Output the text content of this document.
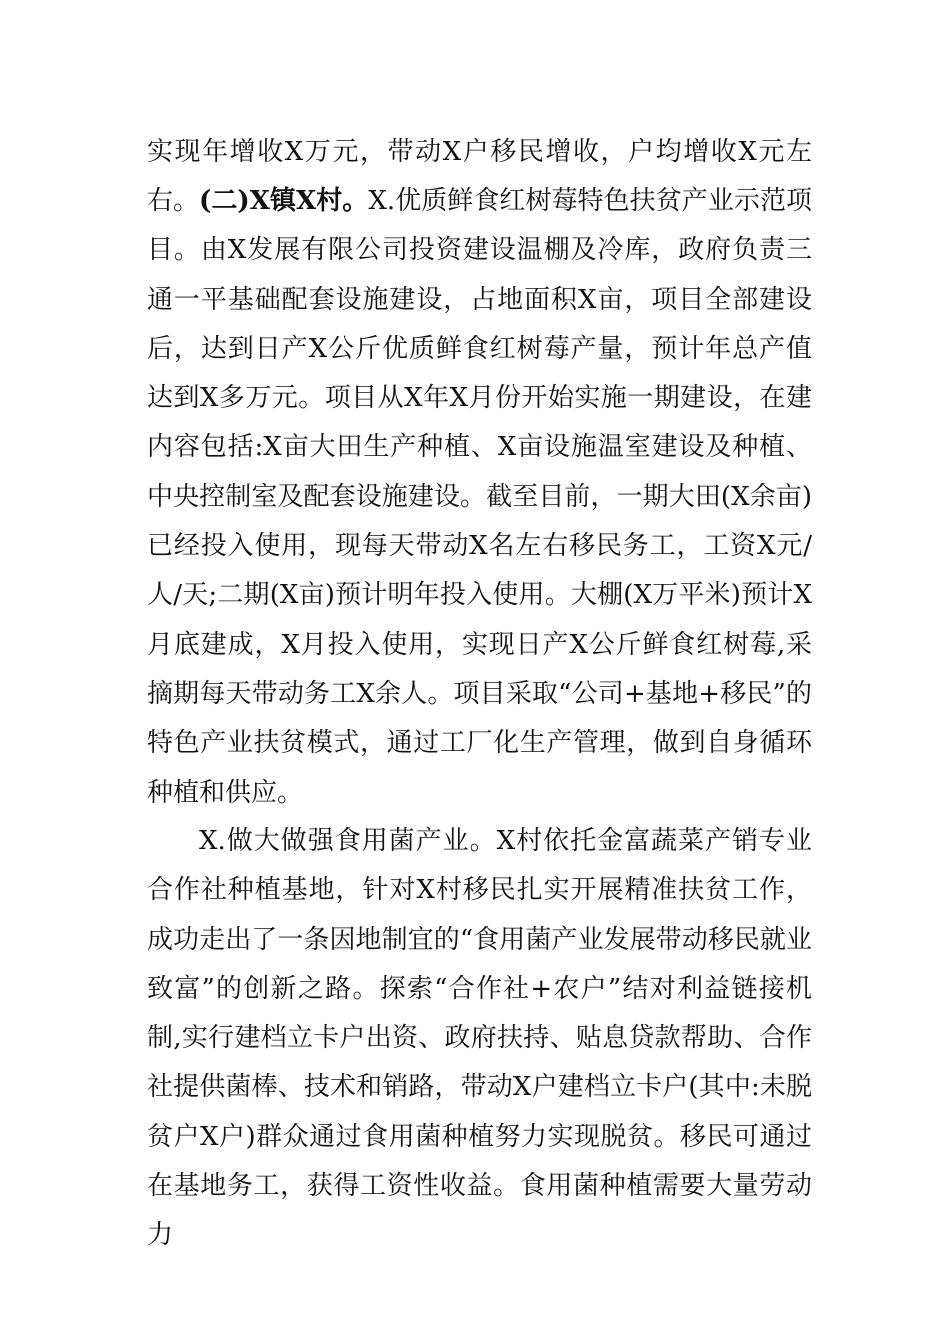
实现年增收X万元，带动X户移民增收，户均增收X元左右。 (二)X镇X村。X.优质鲜食红树莓特色扶贫产业示范项目。由X发展有限公司投资建设温棚及冷库，政府负责三通一平基础配套设施建设，占地面积X亩，项目全部建设后，达到日产X公斤优质鲜食红树莓产量，预计年总产值达到X多万元。项目从X年X月份开始实施一期建设，在建内容包括:X亩大田生产种植、X亩设施温室建设及种植、中央控制室及配套设施建设。截至目前，一期大田(X余亩)已经投入使用，现每天带动X名左右移民务工，工资X元/人/天;二期(X亩)预计明年投入使用。大棚(X万平米)预计X月底建成，X月投入使用，实现日产X公斤鲜食红树莓,采摘期每天带动务工X余人。项目采取“公司+基地+移民”的特色产业扶贫模式，通过工厂化生产管理，做到自身循环种植和供应。

X.做大做强食用菌产业。X村依托金富蔬菜产销专业合作社种植基地，针对X村移民扎实开展精准扶贫工作，成功走出了一条因地制宜的“食用菌产业发展带动移民就业致富”的创新之路。探索“合作社+农户”结对利益链接机制,实行建档立卡户出资、政府扶持、贴息贷款帮助、合作社提供菌棒、技术和销路，带动X户建档立卡户(其中:未脱贫户X户)群众通过食用菌种植努力实现脱贫。移民可通过在基地务工，获得工资性收益。食用菌种植需要大量劳动力
